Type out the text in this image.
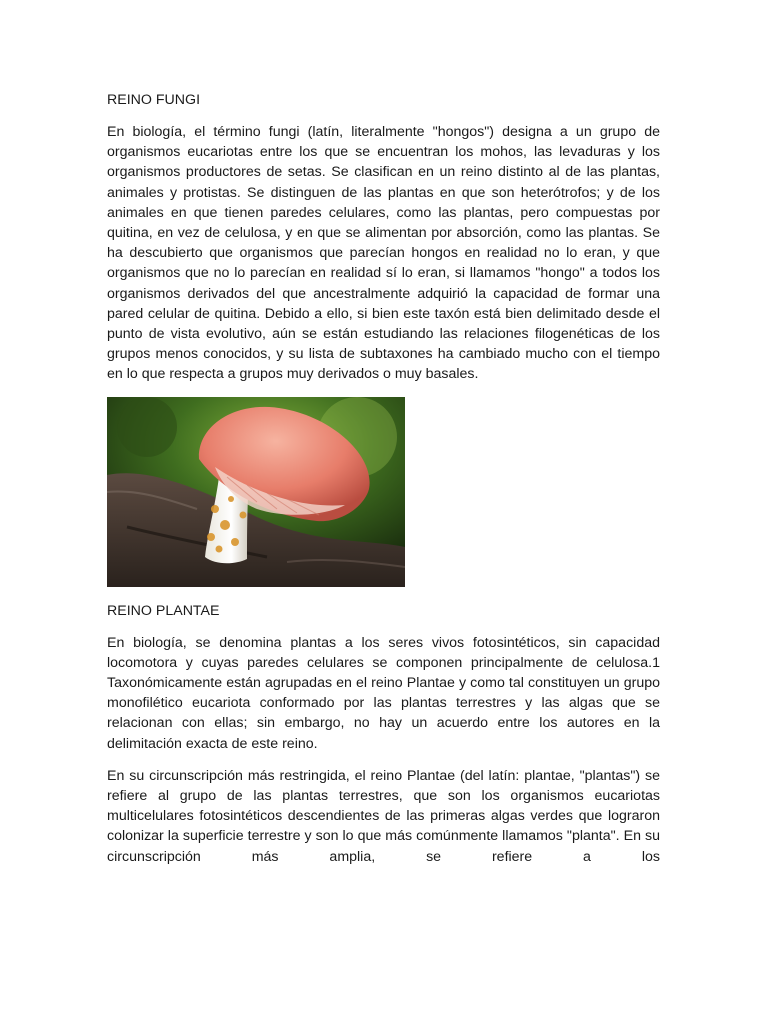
REINO FUNGI

En biología, el término fungi (latín, literalmente "hongos") designa a un grupo de organismos eucariotas entre los que se encuentran los mohos, las levaduras y los organismos productores de setas. Se clasifican en un reino distinto al de las plantas, animales y protistas. Se distinguen de las plantas en que son heterótrofos; y de los animales en que tienen paredes celulares, como las plantas, pero compuestas por quitina, en vez de celulosa, y en que se alimentan por absorción, como las plantas. Se ha descubierto que organismos que parecían hongos en realidad no lo eran, y que organismos que no lo parecían en realidad sí lo eran, si llamamos "hongo" a todos los organismos derivados del que ancestralmente adquirió la capacidad de formar una pared celular de quitina. Debido a ello, si bien este taxón está bien delimitado desde el punto de vista evolutivo, aún se están estudiando las relaciones filogenéticas de los grupos menos conocidos, y su lista de subtaxones ha cambiado mucho con el tiempo en lo que respecta a grupos muy derivados o muy basales.

REINO PLANTAE

En biología, se denomina plantas a los seres vivos fotosintéticos, sin capacidad locomotora y cuyas paredes celulares se componen principalmente de celulosa.1 Taxonómicamente están agrupadas en el reino Plantae y como tal constituyen un grupo monofilético eucariota conformado por las plantas terrestres y las algas que se relacionan con ellas; sin embargo, no hay un acuerdo entre los autores en la delimitación exacta de este reino.

En su circunscripción más restringida, el reino Plantae (del latín: plantae, "plantas") se refiere al grupo de las plantas terrestres, que son los organismos eucariotas multicelulares fotosintéticos descendientes de las primeras algas verdes que lograron colonizar la superficie terrestre y son lo que más comúnmente llamamos "planta". En su circunscripción más amplia, se refiere a los
